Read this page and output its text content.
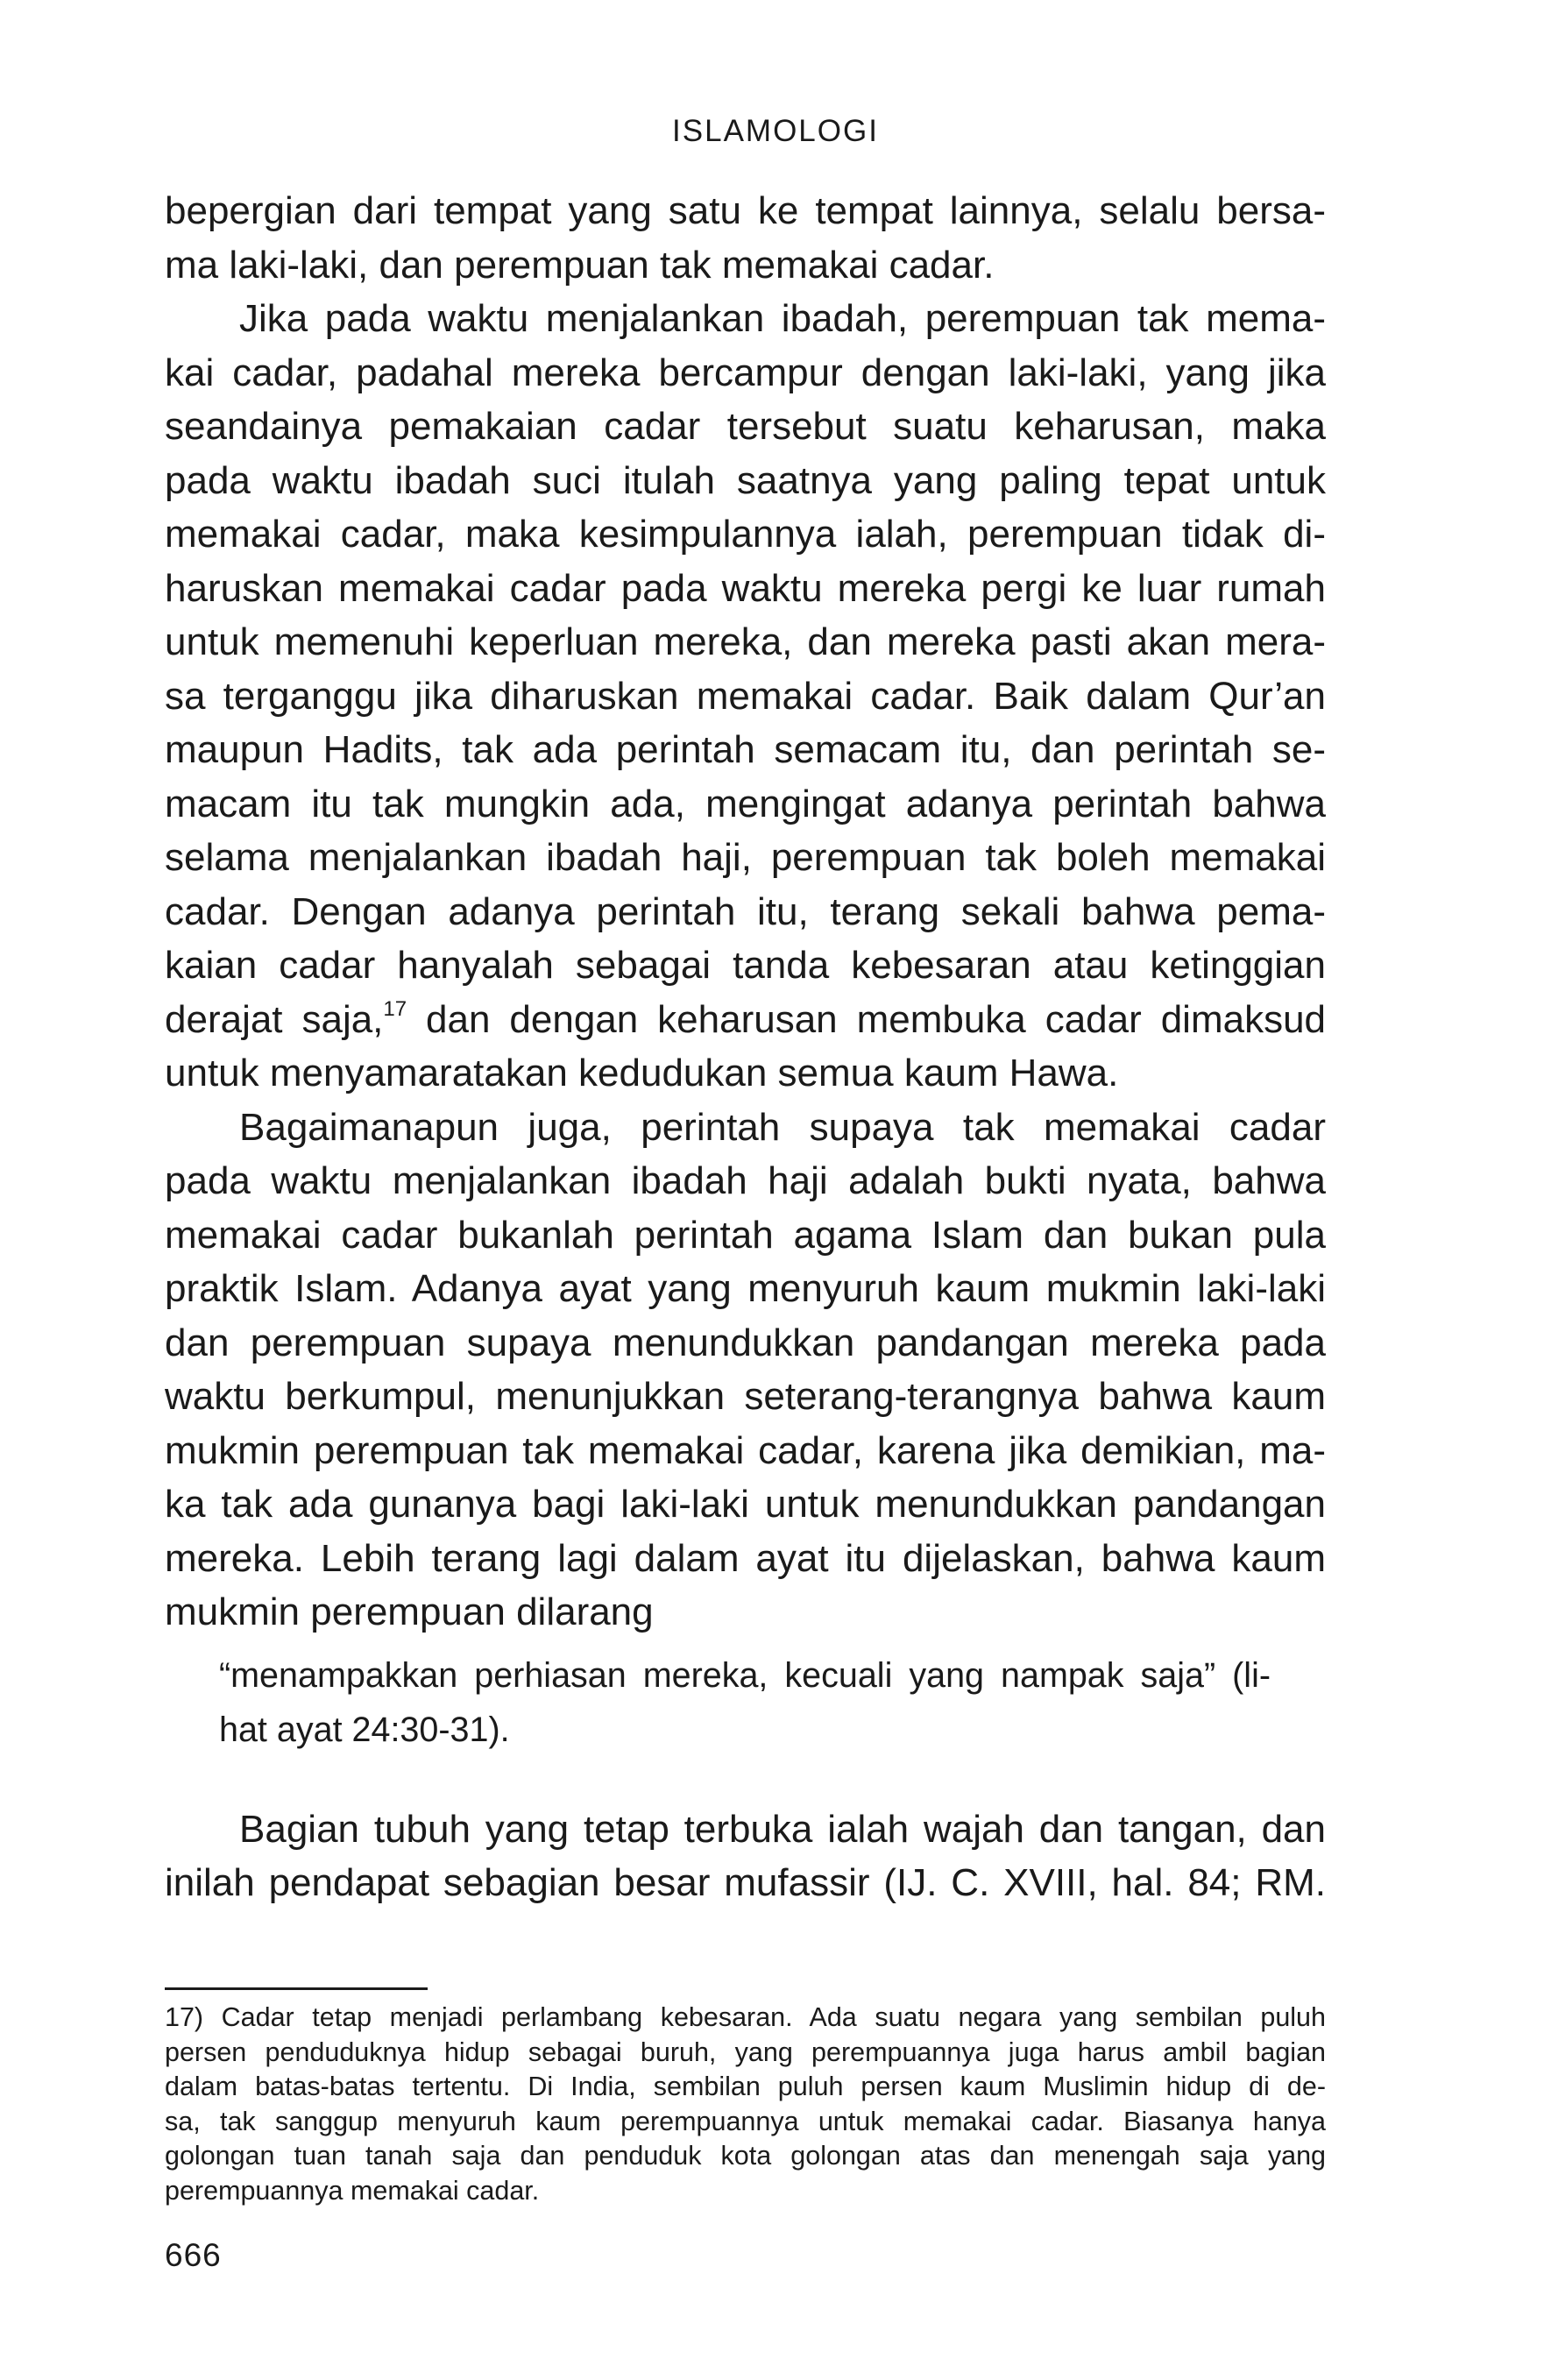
ISLAMOLOGI

bepergian dari tempat yang satu ke tempat lainnya, selalu bersa-
ma laki-laki, dan perempuan tak memakai cadar.

Jika pada waktu menjalankan ibadah, perempuan tak mema-
kai cadar, padahal mereka bercampur dengan laki-laki, yang jika
seandainya pemakaian cadar tersebut suatu keharusan, maka
pada waktu ibadah suci itulah saatnya yang paling tepat untuk
memakai cadar, maka kesimpulannya ialah, perempuan tidak di-
haruskan memakai cadar pada waktu mereka pergi ke luar rumah
untuk memenuhi keperluan mereka, dan mereka pasti akan mera-
sa terganggu jika diharuskan memakai cadar. Baik dalam Qur’an
maupun Hadits, tak ada perintah semacam itu, dan perintah se-
macam itu tak mungkin ada, mengingat adanya perintah bahwa
selama menjalankan ibadah haji, perempuan tak boleh memakai
cadar. Dengan adanya perintah itu, terang sekali bahwa pema-
kaian cadar hanyalah sebagai tanda kebesaran atau ketinggian
derajat saja,$^{17}$ dan dengan keharusan membuka cadar dimaksud
untuk menyamaratakan kedudukan semua kaum Hawa.

Bagaimanapun juga, perintah supaya tak memakai cadar
pada waktu menjalankan ibadah haji adalah bukti nyata, bahwa
memakai cadar bukanlah perintah agama Islam dan bukan pula
praktik Islam. Adanya ayat yang menyuruh kaum mukmin laki-laki
dan perempuan supaya menundukkan pandangan mereka pada
waktu berkumpul, menunjukkan seterang-terangnya bahwa kaum
mukmin perempuan tak memakai cadar, karena jika demikian, ma-
ka tak ada gunanya bagi laki-laki untuk menundukkan pandangan
mereka. Lebih terang lagi dalam ayat itu dijelaskan, bahwa kaum
mukmin perempuan dilarang

“menampakkan perhiasan mereka, kecuali yang nampak saja” (li-
hat ayat 24:30-31).

Bagian tubuh yang tetap terbuka ialah wajah dan tangan, dan
inilah pendapat sebagian besar mufassir (IJ. C. XVIII, hal. 84; RM.

17) Cadar tetap menjadi perlambang kebesaran. Ada suatu negara yang sembilan puluh
persen penduduknya hidup sebagai buruh, yang perempuannya juga harus ambil bagian
dalam batas-batas tertentu. Di India, sembilan puluh persen kaum Muslimin hidup di de-
sa, tak sanggup menyuruh kaum perempuannya untuk memakai cadar. Biasanya hanya
golongan tuan tanah saja dan penduduk kota golongan atas dan menengah saja yang
perempuannya memakai cadar.
666
